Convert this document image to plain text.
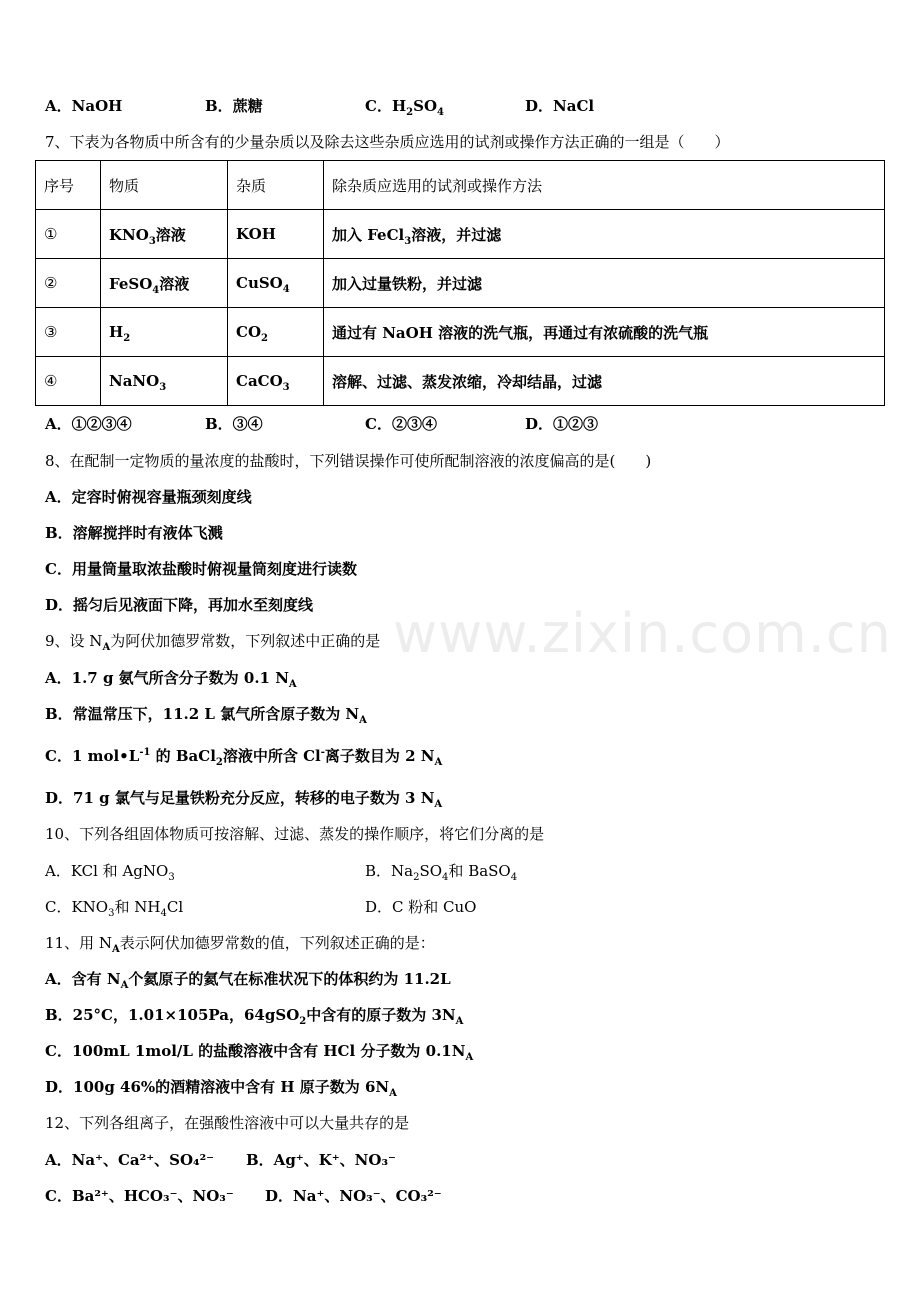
www.zixin.com.cn
A．NaOH	B．蔗糖	C．$H_2SO_4$	D．NaCl
7、下表为各物质中所含有的少量杂质以及除去这些杂质应选用的试剂或操作方法正确的一组是（　　）
序号	物质	杂质	除杂质应选用的试剂或操作方法
①	$KNO_3$溶液	KOH	加入 FeCl$_3$溶液，并过滤
②	FeSO$_4$溶液	CuSO$_4$	加入过量铁粉，并过滤
③	$H_2$	$CO_2$	通过有 NaOH 溶液的洗气瓶，再通过有浓硫酸的洗气瓶
④	NaNO$_3$	CaCO$_3$	溶解、过滤、蒸发浓缩，冷却结晶，过滤
A．①②③④	B．③④	C．②③④	D．①②③
8、在配制一定物质的量浓度的盐酸时，下列错误操作可使所配制溶液的浓度偏高的是(　　)
A．定容时俯视容量瓶颈刻度线
B．溶解搅拌时有液体飞溅
C．用量筒量取浓盐酸时俯视量筒刻度进行读数
D．摇匀后见液面下降，再加水至刻度线
9、设 $N_A$为阿伏加德罗常数，下列叙述中正确的是
A．1.7 g 氨气所含分子数为 0.1 $N_A$
B．常温常压下，11.2 L 氯气所含原子数为 $N_A$
C．1 $mol•L^{-1}$ 的 BaCl$_2$溶液中所含 Cl-离子数目为 2 $N_A$
D．71 g 氯气与足量铁粉充分反应，转移的电子数为 3 $N_A$
10、下列各组固体物质可按溶解、过滤、蒸发的操作顺序，将它们分离的是
A．KCl 和 AgNO$_3$	B．$Na_2SO_4$和 BaSO$_4$
C．$KNO_3$和 $NH_4Cl$	D．C 粉和 CuO
11、用 $N_A$表示阿伏加德罗常数的值，下列叙述正确的是：
A．含有 $N_A$个氦原子的氦气在标准状况下的体积约为 11.2L
B．25°C，1.01×105Pa，64gSO$_2$中含有的原子数为 $3N_A$
C．100mL 1mol/L 的盐酸溶液中含有 HCl 分子数为 $0.1N_A$
D．100g 46%的酒精溶液中含有 H 原子数为 $6N_A$
12、下列各组离子，在强酸性溶液中可以大量共存的是
A．Na⁺、Ca²⁺、SO₄²⁻ B．Ag⁺、K⁺、NO₃⁻
C．Ba²⁺、HCO₃⁻、NO₃⁻ D．Na⁺、NO₃⁻、CO₃²⁻
